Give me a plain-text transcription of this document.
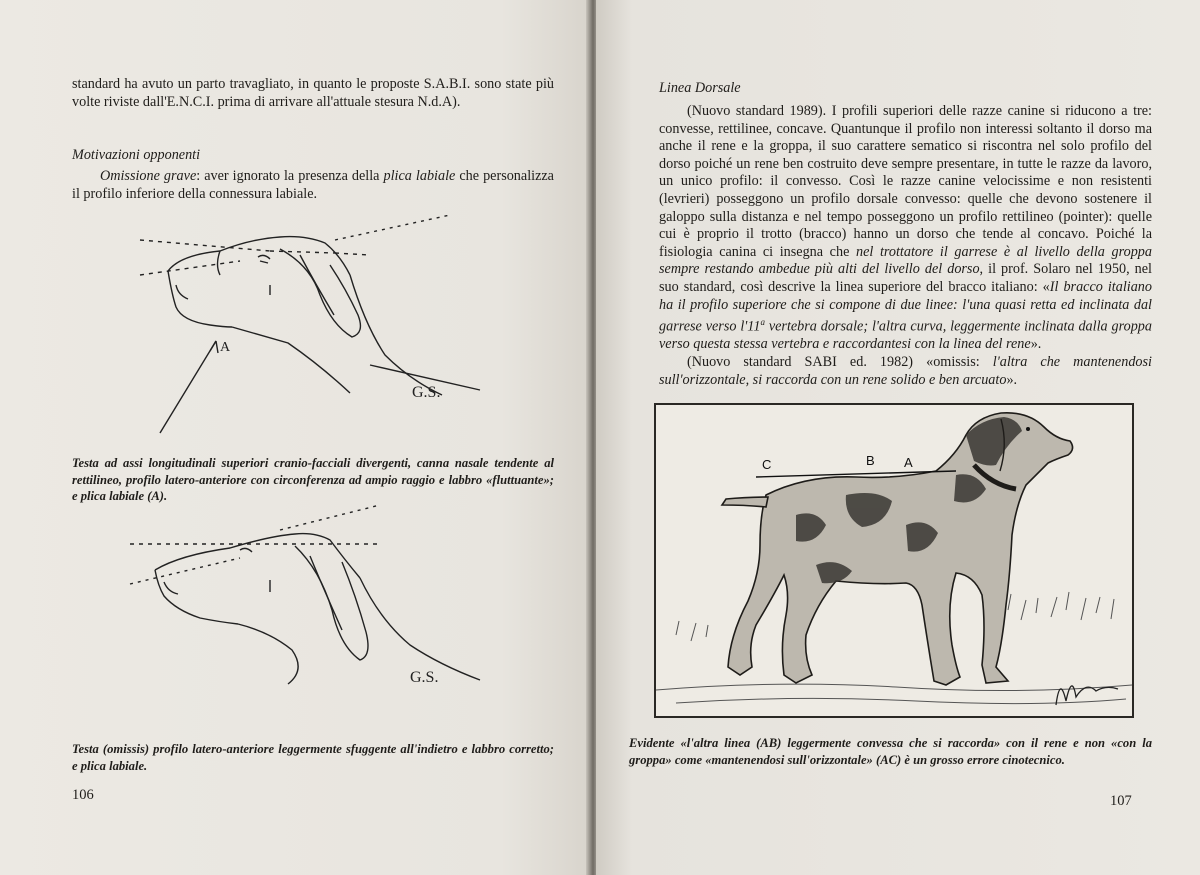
standard ha avuto un parto travagliato, in quanto le proposte S.A.B.I. sono state più volte riviste dall'E.N.C.I. prima di arrivare all'attuale stesura N.d.A).

Motivazioni opponenti

Omissione grave: aver ignorato la presenza della plica labiale che personalizza il profilo inferiore della connessura labiale.

A
G.S.
Testa ad assi longitudinali superiori cranio-facciali divergenti, canna nasale tendente al rettilineo, profilo latero-anteriore con circonferenza ad ampio raggio e labbro «fluttuante»; e plica labiale (A).
G.S.
Testa (omissis) profilo latero-anteriore leggermente sfuggente all'indietro e labbro corretto; e plica labiale.
106
Linea Dorsale

(Nuovo standard 1989). I profili superiori delle razze canine si riducono a tre: convesse, rettilinee, concave. Quantunque il profilo non interessi soltanto il dorso ma anche il rene e la groppa, il suo carattere sematico si riscontra nel solo profilo del dorso poiché un rene ben costruito deve sempre presentare, in tutte le razze da lavoro, un unico profilo: il convesso. Così le razze canine velocissime e non resistenti (levrieri) posseggono un profilo dorsale convesso: quelle che devono sostenere il galoppo sulla distanza e nel tempo posseggono un profilo rettilineo (pointer): quelle cui è proprio il trotto (bracco) hanno un dorso che tende al concavo. Poiché la fisiologia canina ci insegna che nel trottatore il garrese è al livello della groppa sempre restando ambedue più alti del livello del dorso, il prof. Solaro nel 1950, nel suo standard, così descrive la linea superiore del bracco italiano: «Il bracco italiano ha il profilo superiore che si compone di due linee: l'una quasi retta ed inclinata dal garrese verso l'11$^a$ vertebra dorsale; l'altra curva, leggermente inclinata dalla groppa verso questa stessa vertebra e raccordantesi con la linea del rene».

(Nuovo standard SABI ed. 1982) «omissis: l'altra che mantenendosi sull'orizzontale, si raccorda con un rene solido e ben arcuato».

C	B A
Evidente «l'altra linea (AB) leggermente convessa che si raccorda» con il rene e non «con la groppa» come «mantenendosi sull'orizzontale» (AC) è un grosso errore cinotecnico.
107
